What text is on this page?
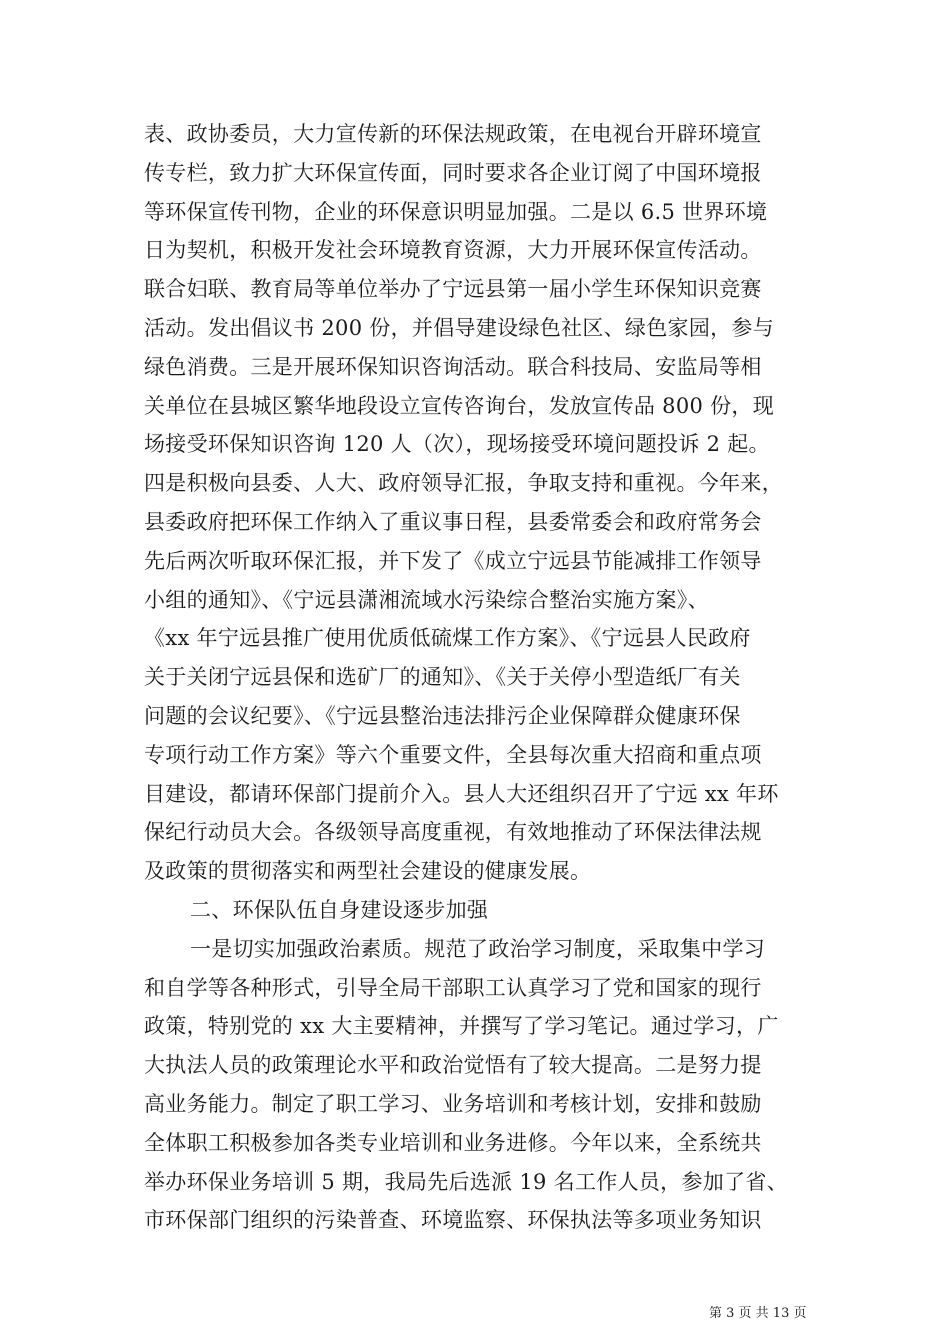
表、政协委员，大力宣传新的环保法规政策，在电视台开辟环境宣
传专栏，致力扩大环保宣传面，同时要求各企业订阅了中国环境报
等环保宣传刊物，企业的环保意识明显加强。二是以 6.5 世界环境
日为契机，积极开发社会环境教育资源，大力开展环保宣传活动。
联合妇联、教育局等单位举办了宁远县第一届小学生环保知识竞赛
活动。发出倡议书 200 份，并倡导建设绿色社区、绿色家园，参与
绿色消费。三是开展环保知识咨询活动。联合科技局、安监局等相
关单位在县城区繁华地段设立宣传咨询台，发放宣传品 800 份，现
场接受环保知识咨询 120 人（次），现场接受环境问题投诉 2 起。
四是积极向县委、人大、政府领导汇报，争取支持和重视。今年来，
县委政府把环保工作纳入了重议事日程，县委常委会和政府常务会
先后两次听取环保汇报，并下发了《成立宁远县节能减排工作领导
小组的通知》、《宁远县潇湘流域水污染综合整治实施方案》、
《xx 年宁远县推广使用优质低硫煤工作方案》、《宁远县人民政府
关于关闭宁远县保和选矿厂的通知》、《关于关停小型造纸厂有关
问题的会议纪要》、《宁远县整治违法排污企业保障群众健康环保
专项行动工作方案》等六个重要文件，全县每次重大招商和重点项
目建设，都请环保部门提前介入。县人大还组织召开了宁远 xx 年环
保纪行动员大会。各级领导高度重视，有效地推动了环保法律法规
及政策的贯彻落实和两型社会建设的健康发展。
二、环保队伍自身建设逐步加强
一是切实加强政治素质。规范了政治学习制度，采取集中学习
和自学等各种形式，引导全局干部职工认真学习了党和国家的现行
政策，特别党的 xx 大主要精神，并撰写了学习笔记。通过学习，广
大执法人员的政策理论水平和政治觉悟有了较大提高。二是努力提
高业务能力。制定了职工学习、业务培训和考核计划，安排和鼓励
全体职工积极参加各类专业培训和业务进修。今年以来，全系统共
举办环保业务培训 5 期，我局先后选派 19 名工作人员，参加了省、
市环保部门组织的污染普查、环境监察、环保执法等多项业务知识
第 3 页 共 13 页
